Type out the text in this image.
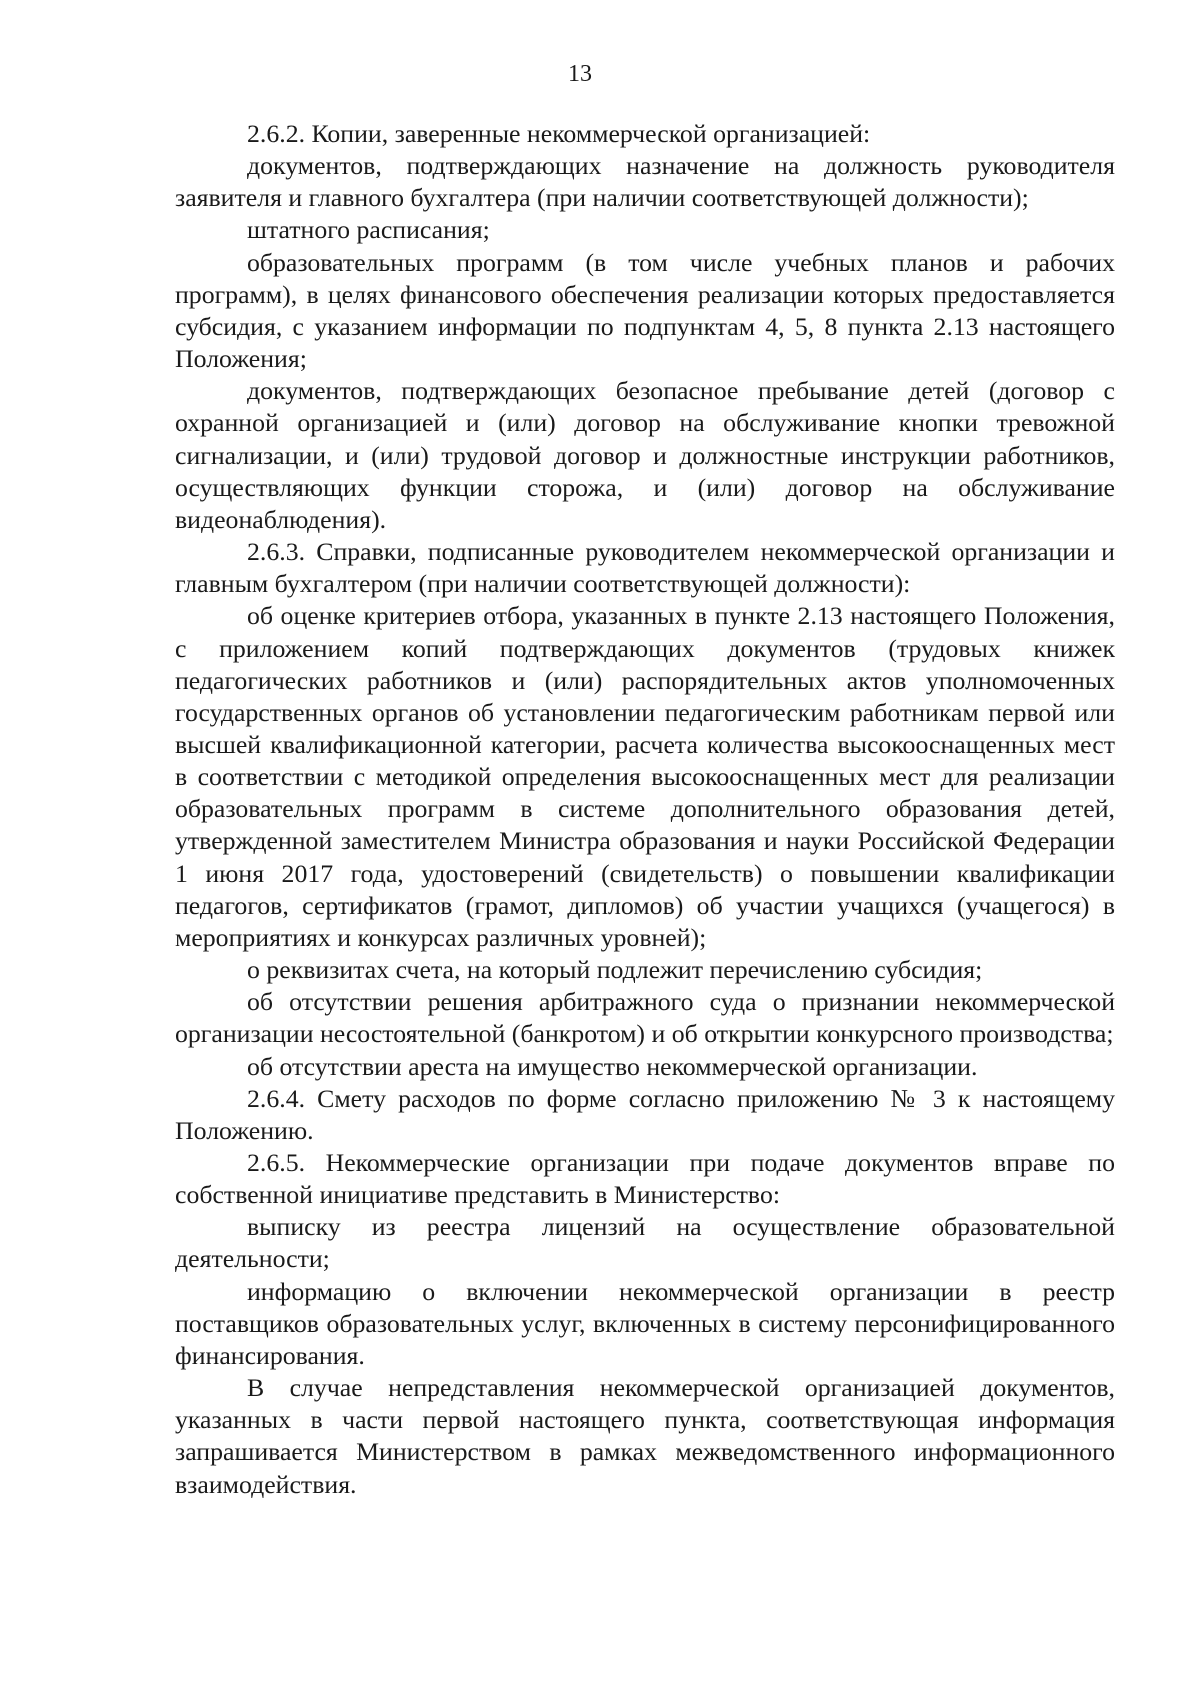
13

2.6.2. Копии, заверенные некоммерческой организацией:

документов, подтверждающих назначение на должность руководителя заявителя и главного бухгалтера (при наличии соответствующей должности);

штатного расписания;

образовательных программ (в том числе учебных планов и рабочих программ), в целях финансового обеспечения реализации которых предоставляется субсидия, с указанием информации по подпунктам 4, 5, 8 пункта 2.13 настоящего Положения;

документов, подтверждающих безопасное пребывание детей (договор с охранной организацией и (или) договор на обслуживание кнопки тревожной сигнализации, и (или) трудовой договор и должностные инструкции работников, осуществляющих функции сторожа, и (или) договор на обслуживание видеонаблюдения).

2.6.3. Справки, подписанные руководителем некоммерческой организации и главным бухгалтером (при наличии соответствующей должности):

об оценке критериев отбора, указанных в пункте 2.13 настоящего Положения, с приложением копий подтверждающих документов (трудовых книжек педагогических работников и (или) распорядительных актов уполномоченных государственных органов об установлении педагогическим работникам первой или высшей квалификационной категории, расчета количества высокооснащенных мест в соответствии с методикой определения высокооснащенных мест для реализации образовательных программ в системе дополнительного образования детей, утвержденной заместителем Министра образования и науки Российской Федерации 1 июня 2017 года, удостоверений (свидетельств) о повышении квалификации педагогов, сертификатов (грамот, дипломов) об участии учащихся (учащегося) в мероприятиях и конкурсах различных уровней);

о реквизитах счета, на который подлежит перечислению субсидия;

об отсутствии решения арбитражного суда о признании некоммерческой организации несостоятельной (банкротом) и об открытии конкурсного производства;

об отсутствии ареста на имущество некоммерческой организации.

2.6.4. Смету расходов по форме согласно приложению № 3 к настоящему Положению.

2.6.5. Некоммерческие организации при подаче документов вправе по собственной инициативе представить в Министерство:

выписку из реестра лицензий на осуществление образовательной деятельности;

информацию о включении некоммерческой организации в реестр поставщиков образовательных услуг, включенных в систему персонифицированного финансирования.

В случае непредставления некоммерческой организацией документов, указанных в части первой настоящего пункта, соответствующая информация запрашивается Министерством в рамках межведомственного информационного взаимодействия.
